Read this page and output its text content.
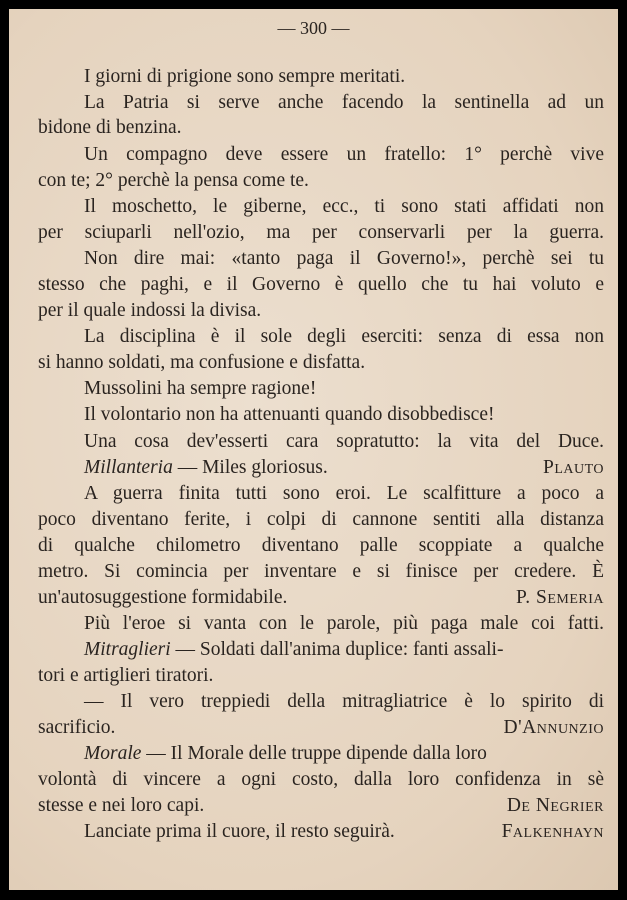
— 300 —
I giorni di prigione sono sempre meritati.
La Patria si serve anche facendo la sentinella ad un
bidone di benzina.
Un compagno deve essere un fratello: 1° perchè vive
con te; 2° perchè la pensa come te.
Il moschetto, le giberne, ecc., ti sono stati affidati non
per sciuparli nell'ozio, ma per conservarli per la guerra.
Non dire mai: «tanto paga il Governo!», perchè sei tu
stesso che paghi, e il Governo è quello che tu hai voluto e
per il quale indossi la divisa.
La disciplina è il sole degli eserciti: senza di essa non
si hanno soldati, ma confusione e disfatta.
Mussolini ha sempre ragione!
Il volontario non ha attenuanti quando disobbedisce!
Una cosa dev'esserti cara sopratutto: la vita del Duce.
Millanteria — Miles gloriosus.	Plauto
A guerra finita tutti sono eroi. Le scalfitture a poco a
poco diventano ferite, i colpi di cannone sentiti alla distanza
di qualche chilometro diventano palle scoppiate a qualche
metro. Si comincia per inventare e si finisce per credere. È
un'autosuggestione formidabile.	P. Semeria
Più l'eroe si vanta con le parole, più paga male coi fatti.
Mitraglieri — Soldati dall'anima duplice: fanti assali-
tori e artiglieri tiratori.
— Il vero treppiedi della mitragliatrice è lo spirito di
sacrificio.	D'Annunzio
Morale — Il Morale delle truppe dipende dalla loro
volontà di vincere a ogni costo, dalla loro confidenza in sè
stesse e nei loro capi.	De Negrier
Lanciate prima il cuore, il resto seguirà.	Falkenhayn
